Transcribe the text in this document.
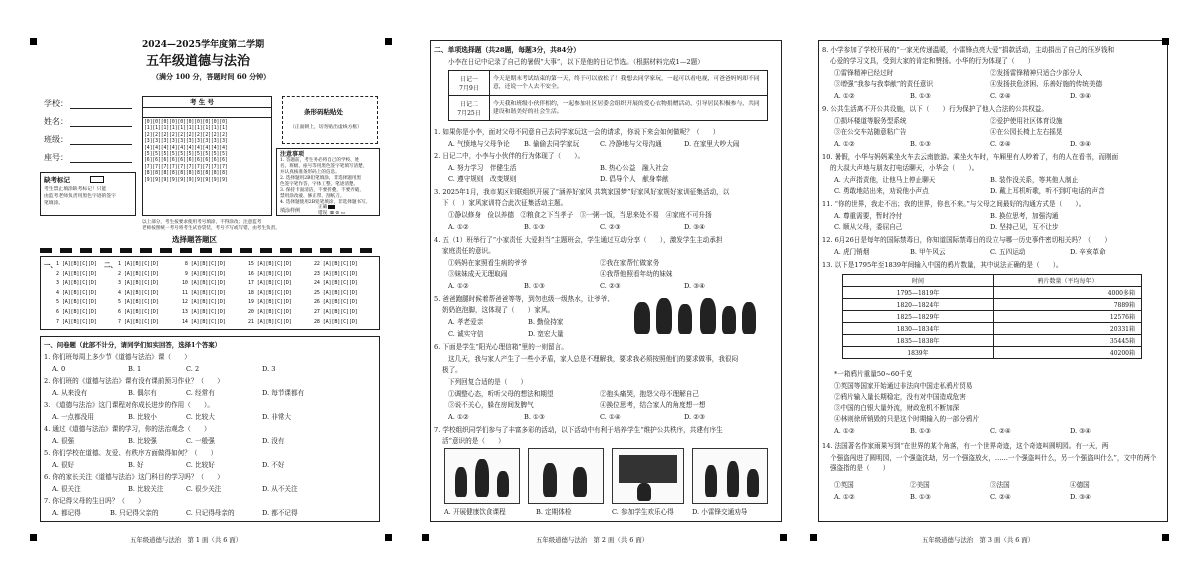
2024—2025学年度第二学期
五年级道德与法治
（满分 100 分，答题时间 60 分钟）
学校：
姓名：
班级：
座号：
考 生 号
[0][0][0][0][0][0][0][0][0][0]
[1][1][1][1][1][1][1][1][1][1]
[2][2][2][2][2][2][2][2][2][2]
[3][3][3][3][3][3][3][3][3][3]
[4][4][4][4][4][4][4][4][4][4]
[5][5][5][5][5][5][5][5][5][5]
[6][6][6][6][6][6][6][6][6][6]
[7][7][7][7][7][7][7][7][7][7]
[8][8][8][8][8][8][8][8][8][8]
[9][9][9][9][9][9][9][9][9][9]
条形码粘贴处
（正面朝上，切勿贴出虚线方框）
注意事项
1. 答题前，考生务必将自己的学校、姓
名、班级、座号等用黑色签字笔填写清楚，
并认真核准条形码上的信息。
2. 选择题用2B铅笔填涂，非选择题用黑
色签字笔作答，字体工整、笔迹清楚。
3. 保持卡面清洁，不要折叠，不要弄破，
禁用涂改液、修正带、刮纸刀。
4. 选择题使用2B铅笔填涂，非选择题书写。
填涂样例
正确
错误 ⊠ ⊘ ▭
缺考标记
考生禁止填涂缺考标记！只能
由监考老师负责用黑色字迹的签字
笔填涂。
以上部分，考生按要求使用考号填涂，不得涂改；注意监考
老师按照统一考号将考生试卷袋装，考号不写或写错，由考生负责。
选择题答题区
一、	二、
1 [A][B][C][D]
2 [A][B][C][D]
3 [A][B][C][D]
4 [A][B][C][D]
5 [A][B][C][D]
6 [A][B][C][D]
7 [A][B][C][D]
1 [A][B][C][D]
2 [A][B][C][D]
3 [A][B][C][D]
4 [A][B][C][D]
5 [A][B][C][D]
6 [A][B][C][D]
7 [A][B][C][D]
8 [A][B][C][D]
9 [A][B][C][D]
10 [A][B][C][D]
11 [A][B][C][D]
12 [A][B][C][D]
13 [A][B][C][D]
14 [A][B][C][D]
15 [A][B][C][D]
16 [A][B][C][D]
17 [A][B][C][D]
18 [A][B][C][D]
19 [A][B][C][D]
20 [A][B][C][D]
21 [A][B][C][D]
22 [A][B][C][D]
23 [A][B][C][D]
24 [A][B][C][D]
25 [A][B][C][D]
26 [A][B][C][D]
27 [A][B][C][D]
28 [A][B][C][D]
一、问卷题（此部不计分，请同学们如实回答，选择1个答案）
1. 你们班每周上多少节《道德与法治》课（　　）
A. 0	B. 1	C. 2	D. 3
2. 你们班的《道德与法治》课有没有课前预习作业？（　　）
A. 从来没有	B. 偶尔有	C. 经常有	D. 每节课都有
3. 《道德与法治》这门课程对你成长进步的作用（　　）。
A. 一点都没用	B. 比较小	C. 比较大	D. 非常大
4. 通过《道德与法治》课的学习，你的法治观念（　　）
A. 很强	B. 比较强	C. 一般强	D. 没有
5. 你们学校在道德、友爱、有秩序方面做得如何？（　　）
A. 很好	B. 好	C. 比较好	D. 不好
6. 你的家长关注《道德与法治》这门科目的学习吗？（　　）
A. 很关注	B. 比较关注	C. 很少关注	D. 从不关注
7. 你记得父母的生日吗？（　　）
A. 都记得	B. 只记得父亲的	C. 只记得母亲的	D. 都不记得
五年级道德与法治　第 1 面（共 6 面）
二、单项选择题（共28题，每题3分，共84分）
小李在日记中记录了自己的暑假“大事”，以下是他的日记节选。（根据材料完成1—2题）
日记一
7月9日	今天是期末考试结束的第一天，终于可以放松了！我想去同学家玩，一起可以看电视，可爸爸妈妈却不同意，还说一个人去不安全。
日记二
7月25日	今天我和班级小伙伴相约，一起参加社区居委会组织开展的爱心衣物捐赠活动，引导居民积极参与，共同建设和谐美好的社会生活。
1. 如果你是小李，面对父母不同意自己去同学家玩这一会的请求，你说下来会如何做呢？（　　）
A. 气愤地与父母争论 B. 偷偷去同学家玩	C. 冷静地与父母沟通	D. 在家里大吵大闹
2. 日记二中，小李与小伙伴的行为体现了（　　）。
A. 努力学习　伴健生活	B. 热心公益　融入社会
C. 遵守规则　改变规则	D. 倡导个人　献身奉献
3. 2025年1月，我市某区妇联组织开展了“涵养好家风 共筑家国梦”好家风好家规好家训征集活动，以
下（　）家风家训符合此次征集活动主题。
①静以修身　俭以养德　②粮食之下当孝子　③一粥一饭，当思来处不易　④家庭不可升扬
A. ①②	B. ①③	C. ②③	D. ③④
4. 五（1）班举行了“小家责任 大爱担当”主题班会，学生通过互动分享（　　），激发学生主动承担
家庭责任的意识。
①妈妈在家照看生病的爷爷	②我在家帮忙做家务
③妹妹成天无理取闹	④我帮他照看年幼的妹妹
A. ①②	B. ①③	C. ②③	D. ③④
5. 爸爸跑腿时候着帮爸爸等等，到勿也级一级热水，让爷爷、
奶奶泡泡脚，这体现了（　　）家风。
A. 孝老爱亲	B. 勤俭持家
C. 诚实守信	D. 宽宏大量
6. 下面是学生“阳光心理信箱”里的一则留言。
这几天，我与家人产生了一些小矛盾，家人总是不理解我，要求我必须按照他们的要求做事，我很闷
极了。
下列回复合适的是（　　）
①调整心态，听听父母的想法和期望	②抱头痛哭，抱怨父母不理解自己
③说不关心，躲在房间发脾气	④换位思考，结合家人的角度想一想
A. ①②	B. ①③	C. ①④	D. ②③
7. 学校组织同学们参与了丰富多彩的活动，以下活动中有利于培养学生“维护公共秩序，共建有序生
活”意识的是（　　）
A. 开展健康饮食课程	B. 定期体检	C. 参加学生欢乐心得	D. 小雷锋交通劝导
五年级道德与法治　第 2 面（共 6 面）
8. 小学参加了学校开展的“一家光传递温暖，小雷锋点亮大爱”捐款活动，主动捐出了自己的压岁钱和
心爱的学习文具，受到大家的肯定和赞扬。小华的行为体现了（　　）
①雷锋精神已经过时	②发扬雷锋精神只适合少部分人
③增强“我参与我奉献”的责任意识	④发扬扶危济困、乐善好施的传统美德
A. ①②	B. ①③	C. ②④	D. ③④
9. 公共生活离不开公共设施，以下（　　）行为保护了他人合法的公共权益。
①损坏楼道等服务型系统	②爱护使用社区体育设施
③在公交车站随意粘广告	④在公园长椅上左右摇晃
A. ①②	B. ①③	C. ②④	D. ③④
10. 暑假，小华与妈妈乘坐火车去云南旅游。乘坐火车时，车厢里有人吵着了，有的人在看书，而刚面
的大叔大声地与朋友打电话聊天，小华会（　　）。
A. 大声指责他，让他马上停止聊天	B. 装作没关系，等其他人制止
C. 勇敢地站出来，劝说他小声点	D. 戴上耳机听歌，听不到叮电话的声音
11. “你的世界，我走不出；我的世界，你也不来。”与父母之间最好的沟通方式是（　　）。
A. 尊重需要，暂时冷付	B. 换位思考，加强沟通
C. 顺从父母，委屈自己	D. 坚持己见，互不让步
12. 6月26日是每年的国际禁毒日，你知道国际禁毒日的设立与哪一历史事件密切相关吗？（　　）
A. 虎门销烟	B. 甲午风云	C. 五四运动	D. 辛亥革命
13. 以下是1795年至1839年间输入中国的鸦片数量，其中说法正确的是（　　）。
时间	鸦片数量（平均每年）
1795—1819年	4000多箱
1820—1824年	7889箱
1825—1829年	12576箱
1830—1834年	20331箱
1835—1838年	35445箱
1839年	40200箱
*一箱鸦片重量50~60千克
①英国等国家开始通过非法向中国走私鸦片贸易
②鸦片输入量长期稳定，没有对中国造成危害
③中国的白银大量外流，财政危机不断加深
④林则徐所销毁的只是这个时期输入的一部分鸦片
A. ①②	B. ①③	C. ②④	D. ③④
14. 法国著名作家雨果写到“在世界的某个角落，有一个世界奇迹，这个奇迹叫圆明园。有一天，两
个强盗闯进了圆明园，一个强盗洗劫，另一个强盗放火，……一个强盗叫什么，另一个强盗叫什么”，文中的两个强盗指的是（　　）
①英国	②美国	③法国	④德国
A. ①②	B. ①③	C. ②④	D. ③④
五年级道德与法治　第 3 面（共 6 面）
